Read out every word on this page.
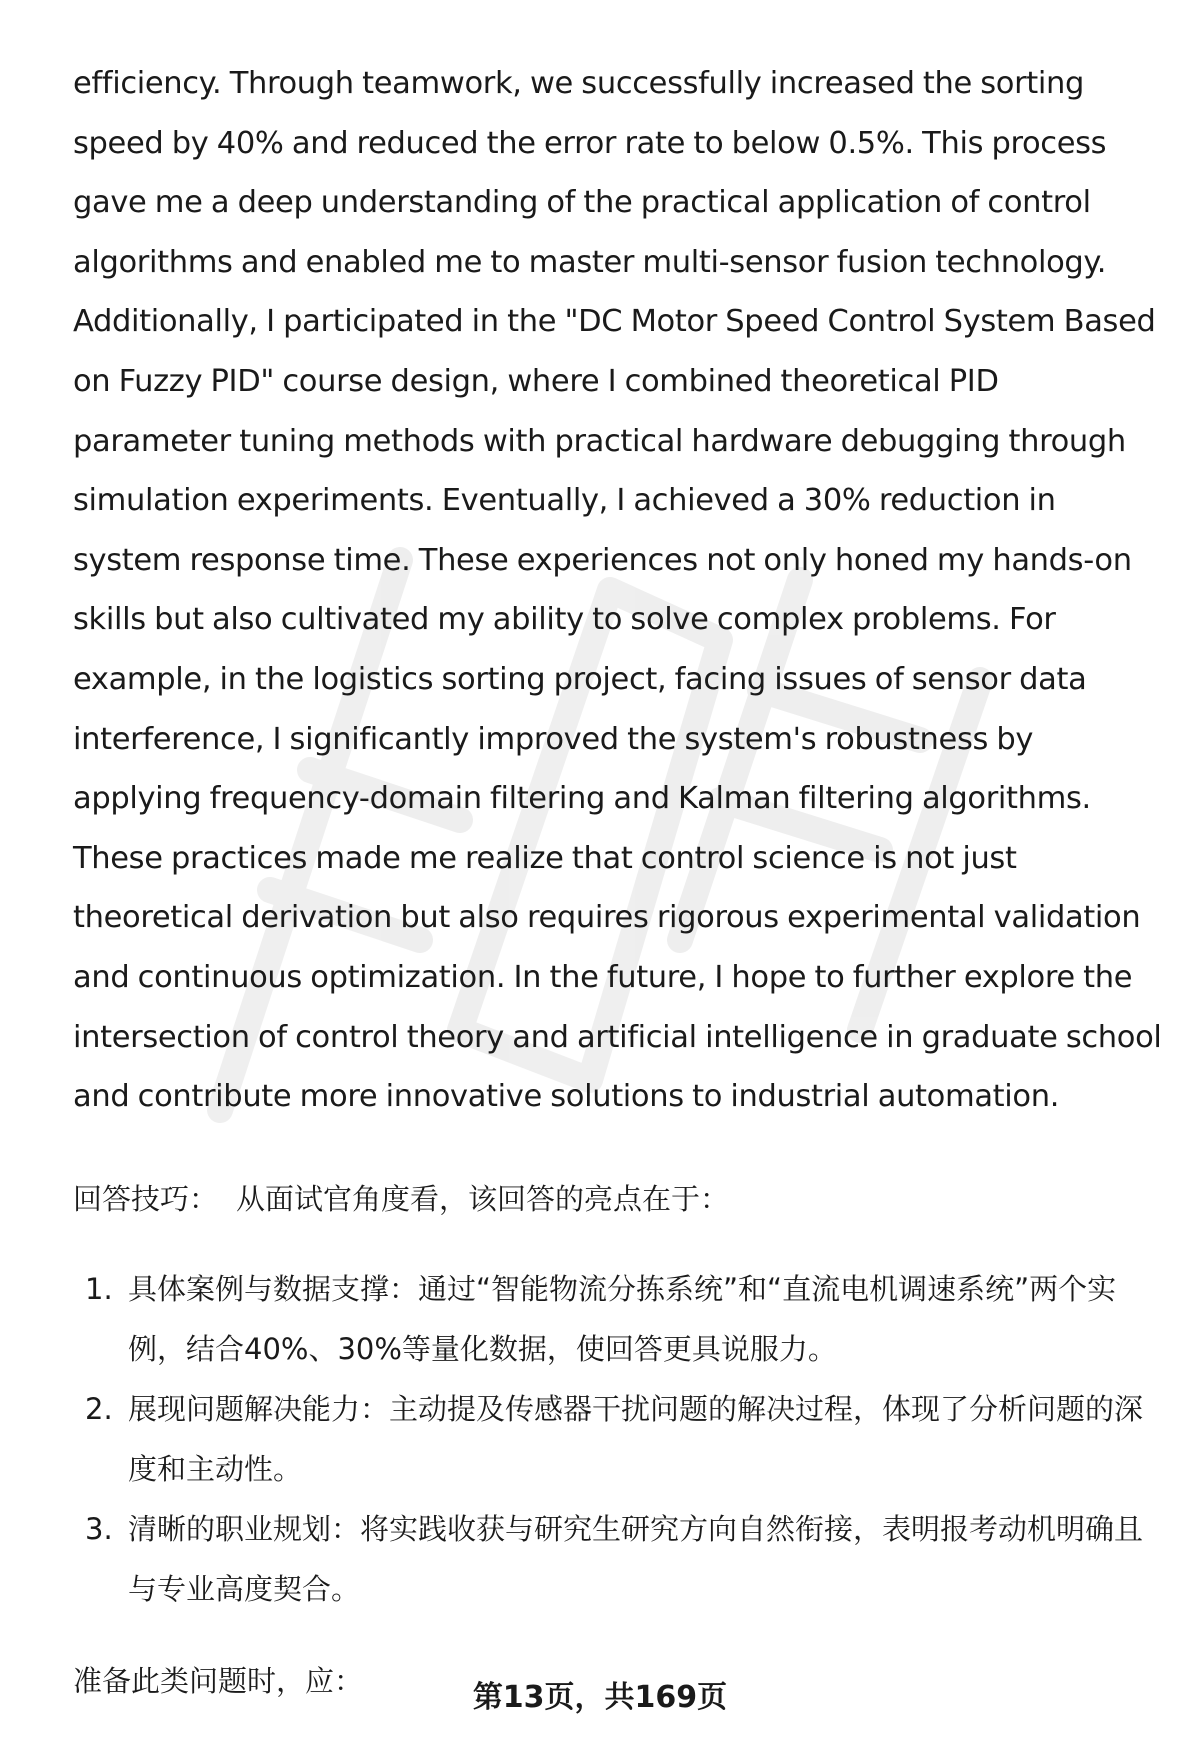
efficiency. Through teamwork, we successfully increased the sorting speed by 40% and reduced the error rate to below 0.5%. This process gave me a deep understanding of the practical application of control algorithms and enabled me to master multi-sensor fusion technology. Additionally, I participated in the "DC Motor Speed Control System Based on Fuzzy PID" course design, where I combined theoretical PID parameter tuning methods with practical hardware debugging through simulation experiments. Eventually, I achieved a 30% reduction in system response time. These experiences not only honed my hands-on skills but also cultivated my ability to solve complex problems. For example, in the logistics sorting project, facing issues of sensor data interference, I significantly improved the system's robustness by applying frequency-domain filtering and Kalman filtering algorithms. These practices made me realize that control science is not just theoretical derivation but also requires rigorous experimental validation and continuous optimization. In the future, I hope to further explore the intersection of control theory and artificial intelligence in graduate school and contribute more innovative solutions to industrial automation.

回答技巧： 从面试官角度看，该回答的亮点在于：
1. 具体案例与数据支撑：通过“智能物流分拣系统”和“直流电机调速系统”两个实例，结合40%、30%等量化数据，使回答更具说服力。
2. 展现问题解决能力：主动提及传感器干扰问题的解决过程，体现了分析问题的深度和主动性。
3. 清晰的职业规划：将实践收获与研究生研究方向自然衔接，表明报考动机明确且与专业高度契合。
准备此类问题时，应：	第13页，共169页
